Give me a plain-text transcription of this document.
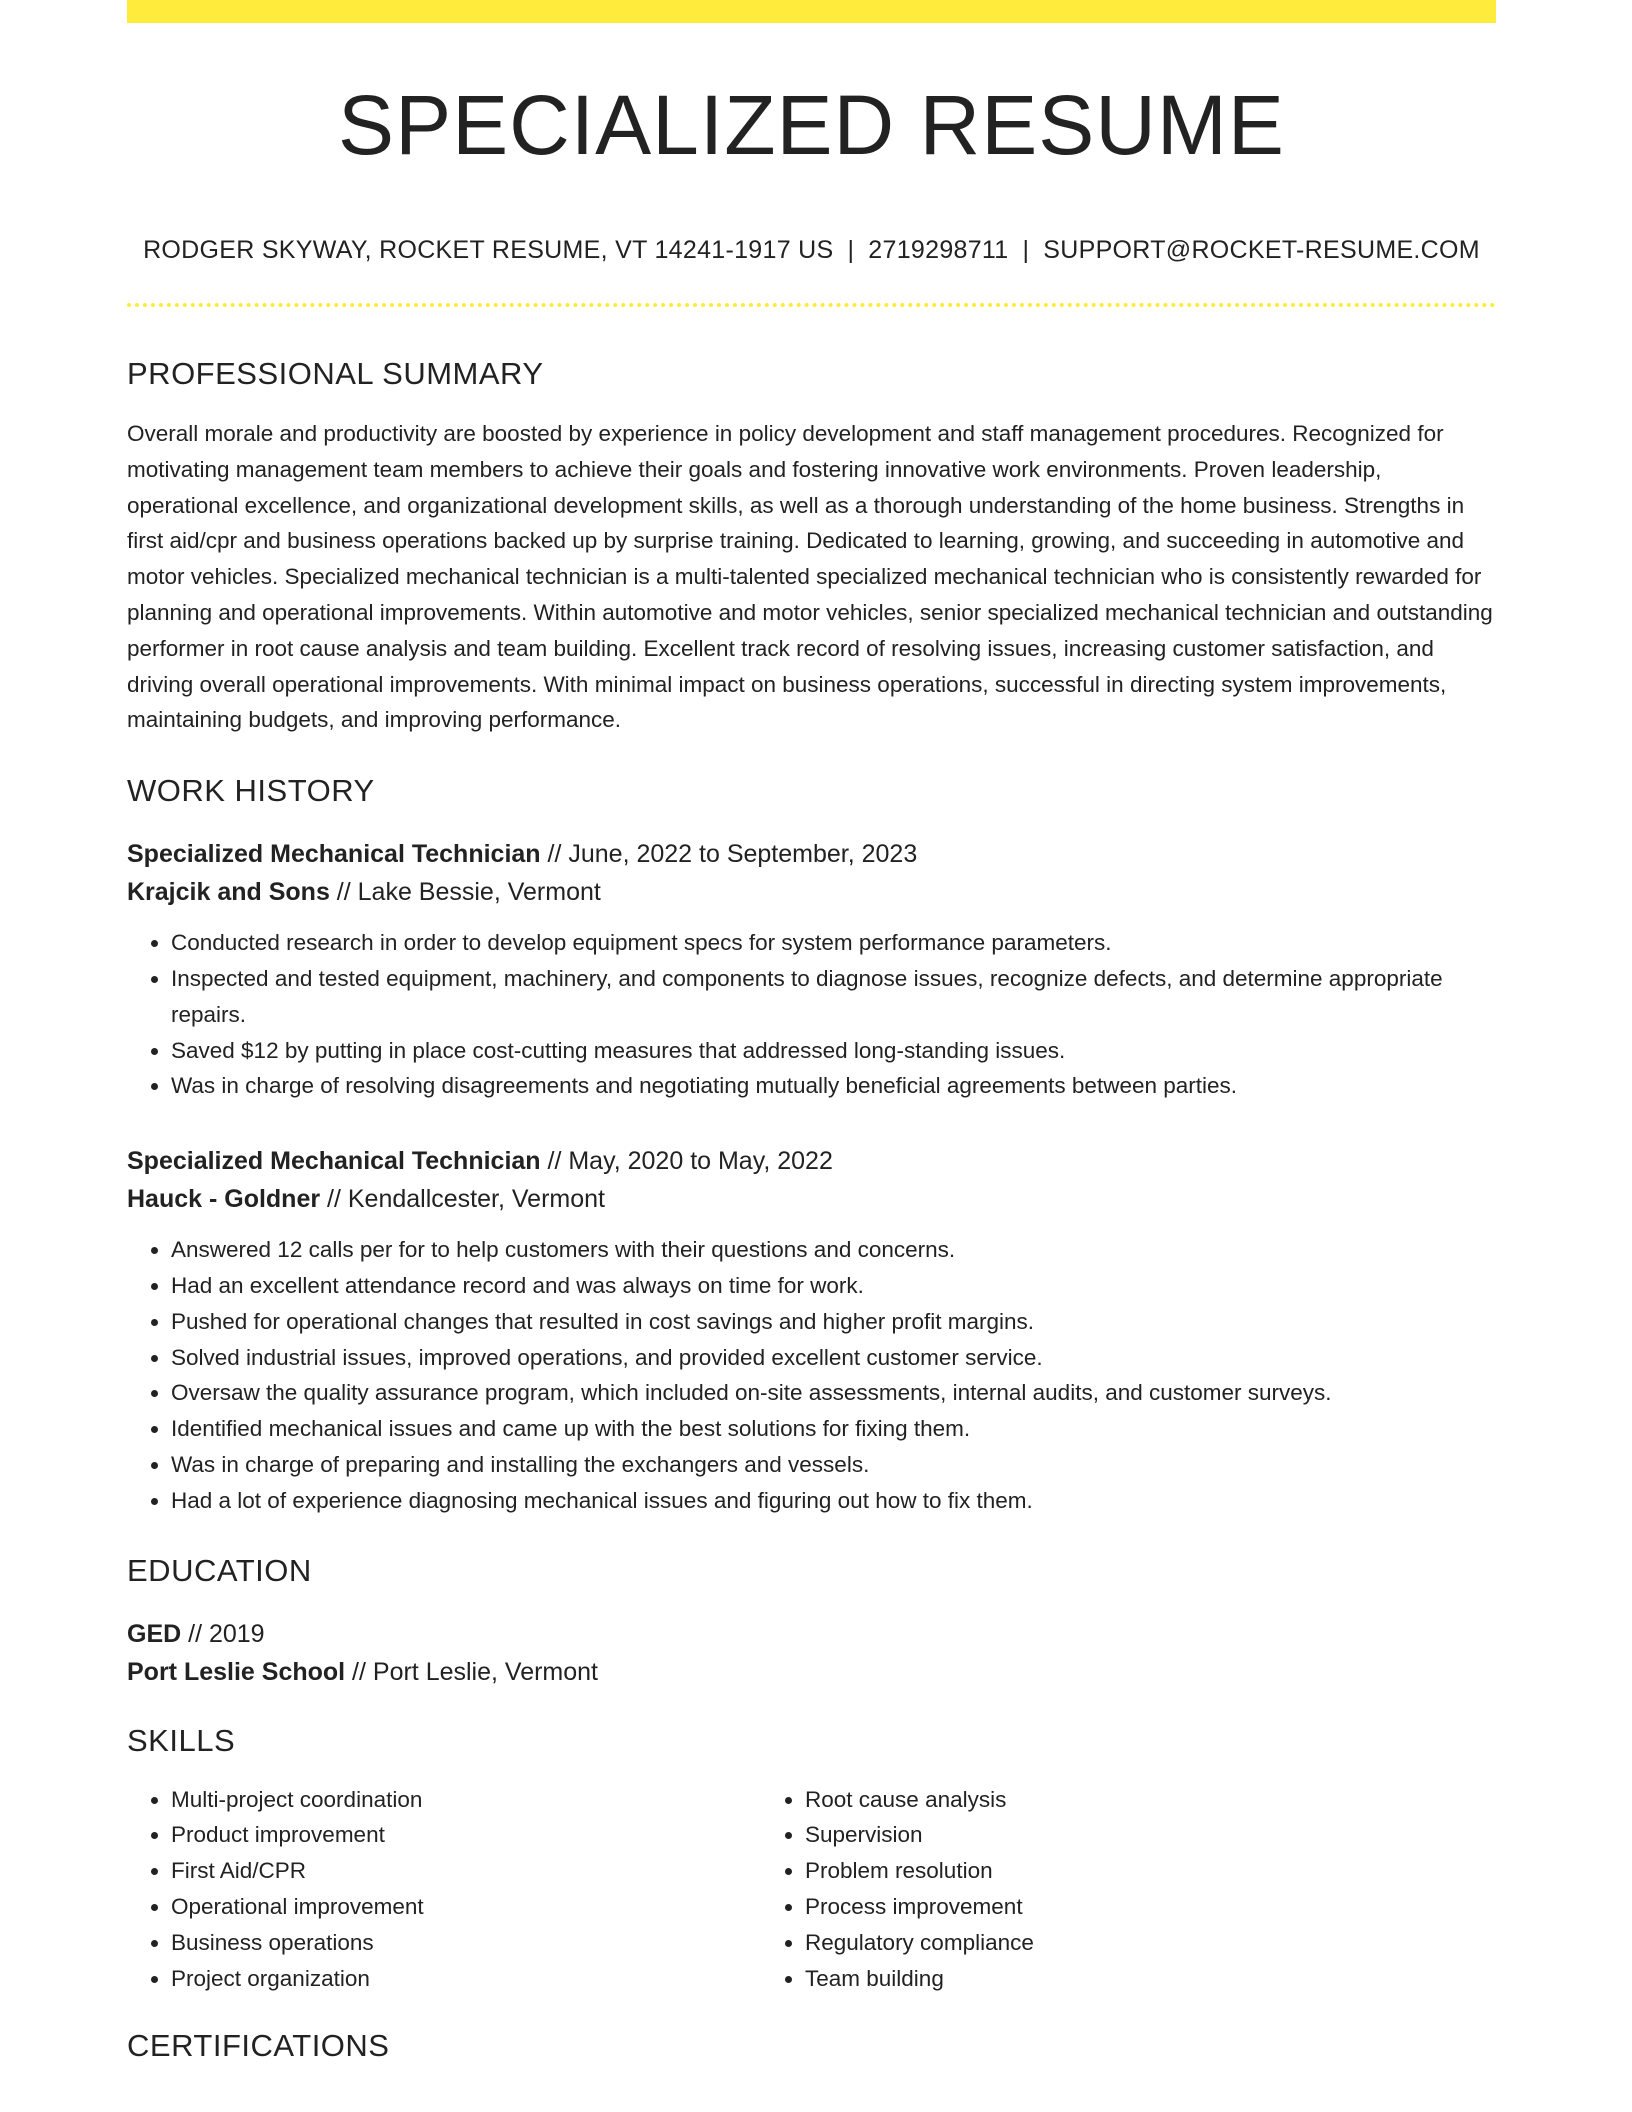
SPECIALIZED RESUME
RODGER SKYWAY, ROCKET RESUME, VT 14241-1917 US | 2719298711 | SUPPORT@ROCKET-RESUME.COM
PROFESSIONAL SUMMARY
Overall morale and productivity are boosted by experience in policy development and staff management procedures. Recognized for motivating management team members to achieve their goals and fostering innovative work environments. Proven leadership, operational excellence, and organizational development skills, as well as a thorough understanding of the home business. Strengths in first aid/cpr and business operations backed up by surprise training. Dedicated to learning, growing, and succeeding in automotive and motor vehicles. Specialized mechanical technician is a multi-talented specialized mechanical technician who is consistently rewarded for planning and operational improvements. Within automotive and motor vehicles, senior specialized mechanical technician and outstanding performer in root cause analysis and team building. Excellent track record of resolving issues, increasing customer satisfaction, and driving overall operational improvements. With minimal impact on business operations, successful in directing system improvements, maintaining budgets, and improving performance.
WORK HISTORY
Specialized Mechanical Technician // June, 2022 to September, 2023
Krajcik and Sons // Lake Bessie, Vermont
• Conducted research in order to develop equipment specs for system performance parameters.
• Inspected and tested equipment, machinery, and components to diagnose issues, recognize defects, and determine appropriate repairs.
• Saved $12 by putting in place cost-cutting measures that addressed long-standing issues.
• Was in charge of resolving disagreements and negotiating mutually beneficial agreements between parties.
Specialized Mechanical Technician // May, 2020 to May, 2022
Hauck - Goldner // Kendallcester, Vermont
• Answered 12 calls per for to help customers with their questions and concerns.
• Had an excellent attendance record and was always on time for work.
• Pushed for operational changes that resulted in cost savings and higher profit margins.
• Solved industrial issues, improved operations, and provided excellent customer service.
• Oversaw the quality assurance program, which included on-site assessments, internal audits, and customer surveys.
• Identified mechanical issues and came up with the best solutions for fixing them.
• Was in charge of preparing and installing the exchangers and vessels.
• Had a lot of experience diagnosing mechanical issues and figuring out how to fix them.
EDUCATION
GED // 2019
Port Leslie School // Port Leslie, Vermont
SKILLS
• Multi-project coordination
• Product improvement
• First Aid/CPR
• Operational improvement
• Business operations
• Project organization
• Root cause analysis
• Supervision
• Problem resolution
• Process improvement
• Regulatory compliance
• Team building
CERTIFICATIONS
